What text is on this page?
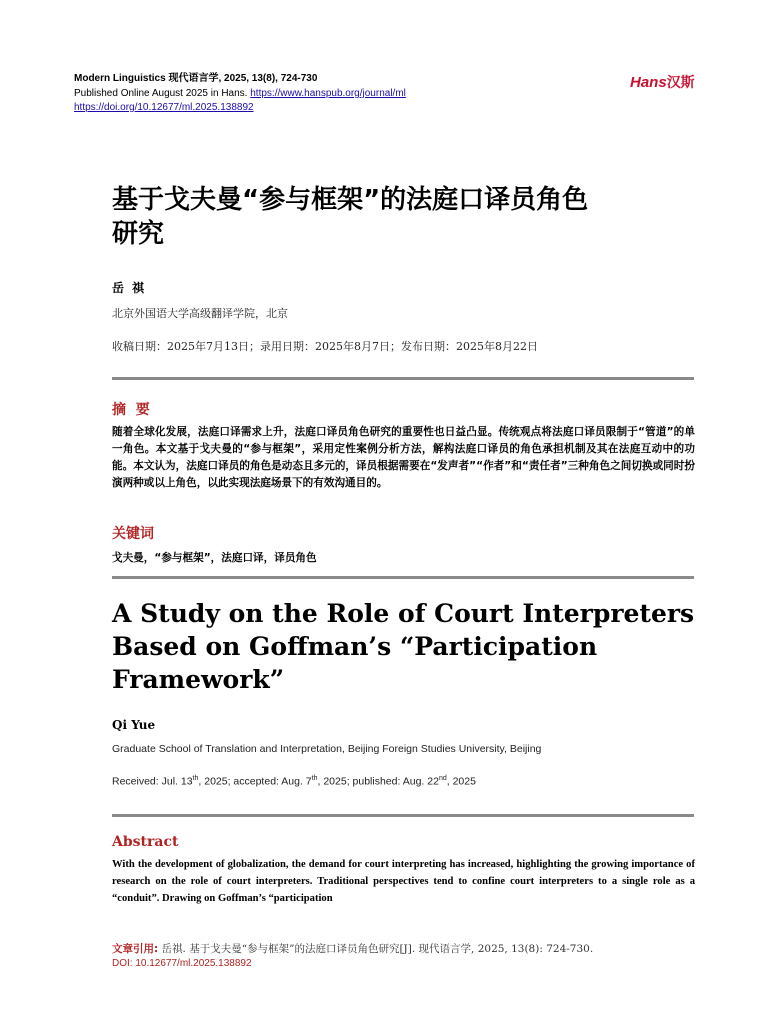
Modern Linguistics 现代语言学, 2025, 13(8), 724-730
Published Online August 2025 in Hans. https://www.hanspub.org/journal/ml
https://doi.org/10.12677/ml.2025.138892
Hans汉斯
基于戈夫曼“参与框架”的法庭口译员角色
研究
岳祺
北京外国语大学高级翻译学院，北京
收稿日期：2025年7月13日；录用日期：2025年8月7日；发布日期：2025年8月22日
摘  要
随着全球化发展，法庭口译需求上升，法庭口译员角色研究的重要性也日益凸显。传统观点将法庭口译员限制于“管道”的单一角色。本文基于戈夫曼的“参与框架”，采用定性案例分析方法，解构法庭口译员的角色承担机制及其在法庭互动中的功能。本文认为，法庭口译员的角色是动态且多元的，译员根据需要在“发声者”“作者”和“责任者”三种角色之间切换或同时扮演两种或以上角色，以此实现法庭场景下的有效沟通目的。
关键词
戈夫曼，“参与框架”，法庭口译，译员角色
A Study on the Role of Court Interpreters
Based on Goffman’s “Participation
Framework”
Qi Yue
Graduate School of Translation and Interpretation, Beijing Foreign Studies University, Beijing
Received: Jul. 13th, 2025; accepted: Aug. 7th, 2025; published: Aug. 22nd, 2025
Abstract
With the development of globalization, the demand for court interpreting has increased, highlighting the growing importance of research on the role of court interpreters. Traditional perspectives tend to confine court interpreters to a single role as a “conduit”. Drawing on Goffman’s “participation
文章引用: 岳祺. 基于戈夫曼“参与框架”的法庭口译员角色研究[J]. 现代语言学, 2025, 13(8): 724-730.
DOI: 10.12677/ml.2025.138892
